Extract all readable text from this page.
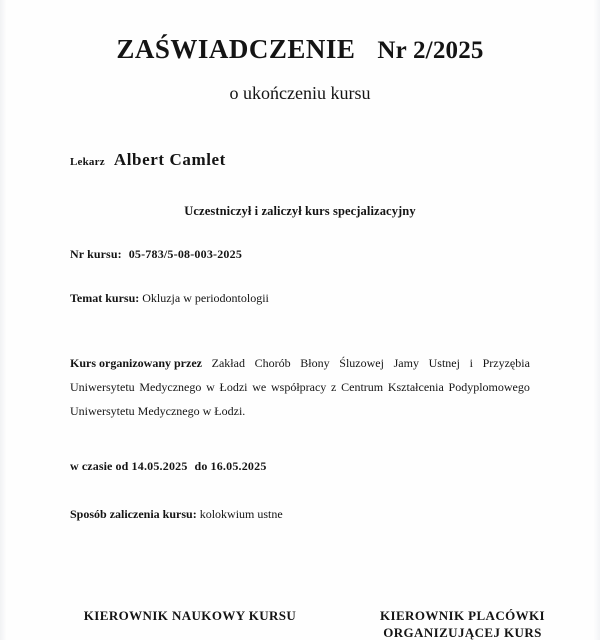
ZAŚWIADCZENIE Nr 2/2025
o ukończeniu kursu
Lekarz Albert Camlet
Uczestniczył i zaliczył kurs specjalizacyjny
Nr kursu: 05-783/5-08-003-2025
Temat kursu: Okluzja w periodontologii
Kurs organizowany przez Zakład Chorób Błony Śluzowej Jamy Ustnej i Przyzębia
Uniwersytetu Medycznego w Łodzi we współpracy z Centrum Kształcenia Podyplomowego
Uniwersytetu Medycznego w Łodzi.
w czasie od 14.05.2025 do 16.05.2025
Sposób zaliczenia kursu: kolokwium ustne
KIEROWNIK NAUKOWY KURSU	KIEROWNIK PLACÓWKI
ORGANIZUJĄCEJ KURS
